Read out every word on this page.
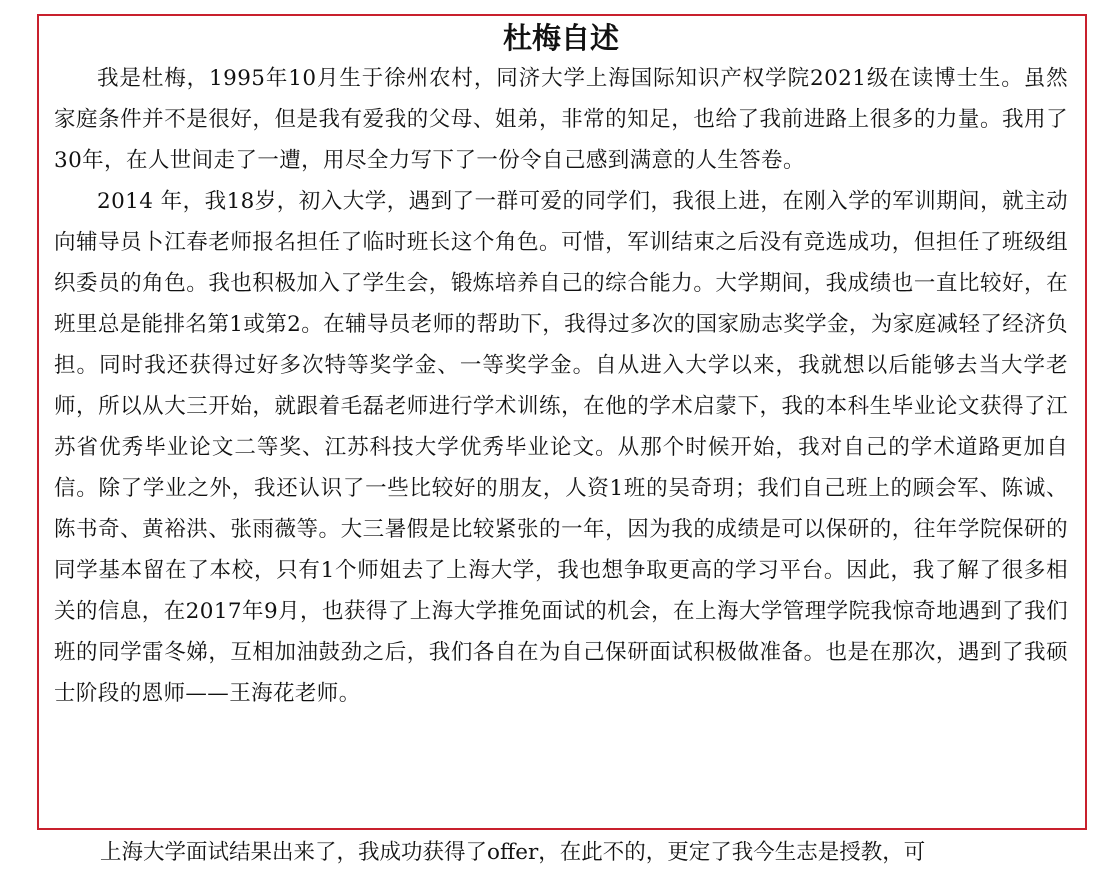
杜梅自述

我是杜梅，1995年10月生于徐州农村，同济大学上海国际知识产权学院2021级在读博士生。虽然家庭条件并不是很好，但是我有爱我的父母、姐弟，非常的知足，也给了我前进路上很多的力量。我用了30年，在人世间走了一遭，用尽全力写下了一份令自己感到满意的人生答卷。

2014 年，我18岁，初入大学，遇到了一群可爱的同学们，我很上进，在刚入学的军训期间，就主动向辅导员卜江春老师报名担任了临时班长这个角色。可惜，军训结束之后没有竞选成功，但担任了班级组织委员的角色。我也积极加入了学生会，锻炼培养自己的综合能力。大学期间，我成绩也一直比较好，在班里总是能排名第1或第2。在辅导员老师的帮助下，我得过多次的国家励志奖学金，为家庭减轻了经济负担。同时我还获得过好多次特等奖学金、一等奖学金。自从进入大学以来，我就想以后能够去当大学老师，所以从大三开始，就跟着毛磊老师进行学术训练，在他的学术启蒙下，我的本科生毕业论文获得了江苏省优秀毕业论文二等奖、江苏科技大学优秀毕业论文。从那个时候开始，我对自己的学术道路更加自信。除了学业之外，我还认识了一些比较好的朋友，人资1班的吴奇玥；我们自己班上的顾会军、陈诚、陈书奇、黄裕洪、张雨薇等。大三暑假是比较紧张的一年，因为我的成绩是可以保研的，往年学院保研的同学基本留在了本校，只有1个师姐去了上海大学，我也想争取更高的学习平台。因此，我了解了很多相关的信息，在2017年9月，也获得了上海大学推免面试的机会，在上海大学管理学院我惊奇地遇到了我们班的同学雷冬娣，互相加油鼓劲之后，我们各自在为自己保研面试积极做准备。也是在那次，遇到了我硕士阶段的恩师——王海花老师。

上海大学面试结果出来了，我成功获得了offer，在此不的，更定了我今生志是授教，可
